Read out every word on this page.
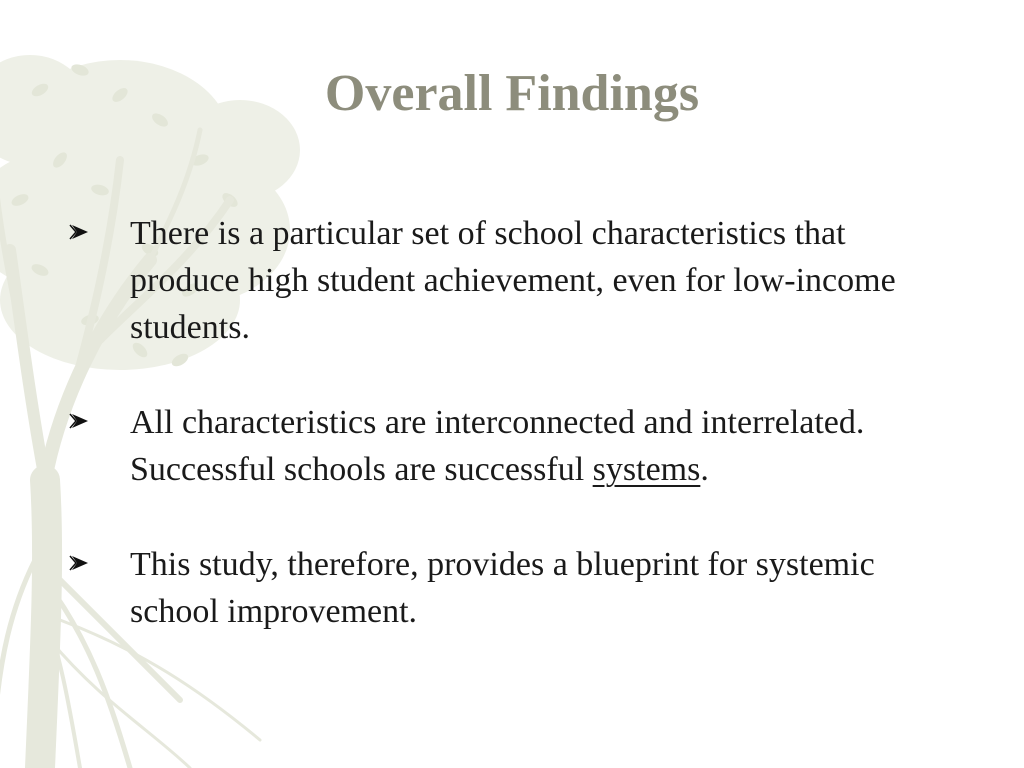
Overall Findings
There is a particular set of school characteristics that produce high student achievement, even for low-income students.
All characteristics are interconnected and interrelated. Successful schools are successful systems.
This study, therefore, provides a blueprint for systemic school improvement.
